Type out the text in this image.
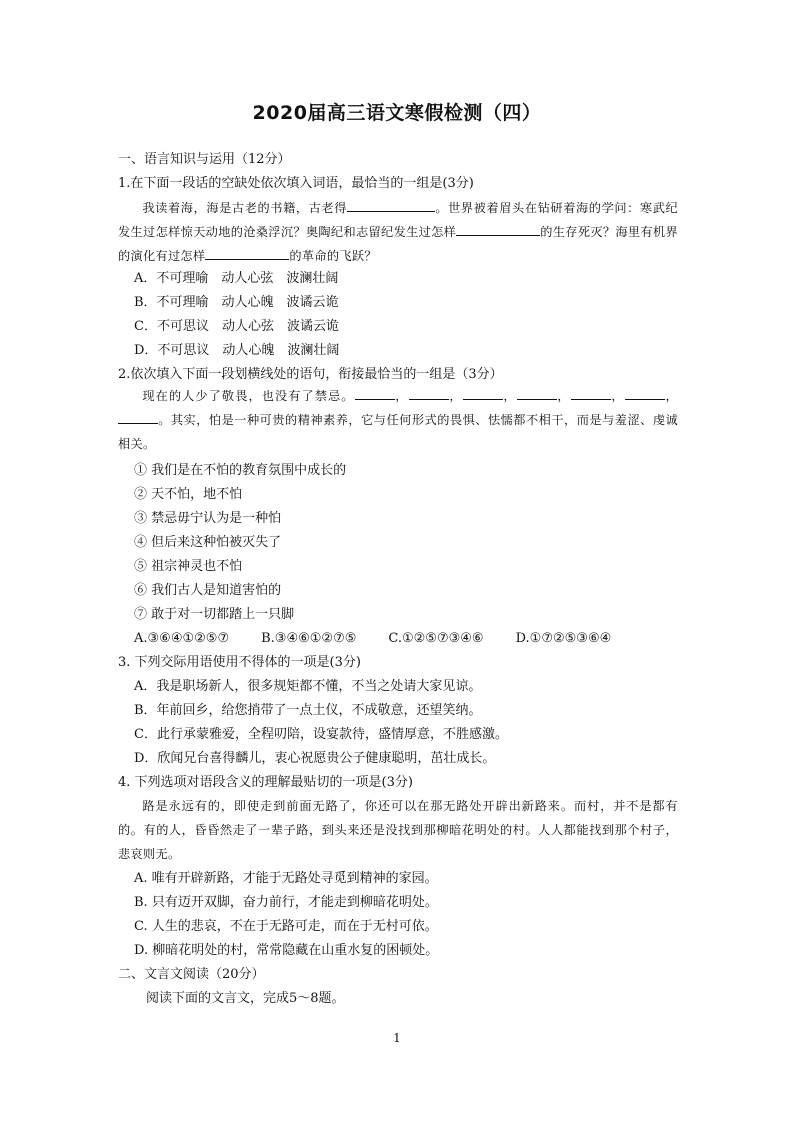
2020届高三语文寒假检测（四）
一、语言知识与运用（12分）
1.在下面一段话的空缺处依次填入词语，最恰当的一组是(3分)

我读着海，海是古老的书籍，古老得	。世界被着眉头在钻研着海的学问：寒武纪发生过怎样惊天动地的沧桑浮沉？奥陶纪和志留纪发生过怎样	的生存死灭？海里有机界的演化有过怎样	的革命的飞跃？

A．不可理喻　动人心弦　波澜壮阔
B．不可理喻　动人心魄　波谲云诡
C．不可思议　动人心弦　波谲云诡
D．不可思议　动人心魄　波澜壮阔
2.依次填入下面一段划横线处的语句，衔接最恰当的一组是（3分）

现在的人少了敬畏，也没有了禁忌。	，	，	，	，	，	，。其实，怕是一种可贵的精神素养，它与任何形式的畏惧、怯懦都不相干，而是与羞涩、虔诚相关。

① 我们是在不怕的教育氛围中成长的
② 天不怕，地不怕
③ 禁忌毋宁认为是一种怕
④ 但后来这种怕被灭失了
⑤ 祖宗神灵也不怕
⑥ 我们古人是知道害怕的
⑦ 敢于对一切都踏上一只脚
A.③⑥④①②⑤⑦ B.③④⑥①②⑦⑤ C.①②⑤⑦③④⑥ D.①⑦②⑤③⑥④
3. 下列交际用语使用不得体的一项是(3分)
A．我是职场新人，很多规矩都不懂，不当之处请大家见谅。
B．年前回乡，给您捎带了一点土仪，不成敬意，还望笑纳。
C．此行承蒙雅爱，全程叨陪，设宴款待，盛情厚意，不胜感激。
D．欣闻兄台喜得麟儿，衷心祝愿贵公子健康聪明，茁壮成长。
4. 下列选项对语段含义的理解最贴切的一项是(3分)

路是永远有的，即使走到前面无路了，你还可以在那无路处开辟出新路来。而村，并不是都有的。有的人，昏昏然走了一辈子路，到头来还是没找到那柳暗花明处的村。人人都能找到那个村子，悲哀则无。

A. 唯有开辟新路，才能于无路处寻觅到精神的家园。
B. 只有迈开双脚，奋力前行，才能走到柳暗花明处。
C. 人生的悲哀，不在于无路可走，而在于无村可依。
D. 柳暗花明处的村，常常隐藏在山重水复的困顿处。
二、文言文阅读（20分）
阅读下面的文言文，完成5～8题。
1
